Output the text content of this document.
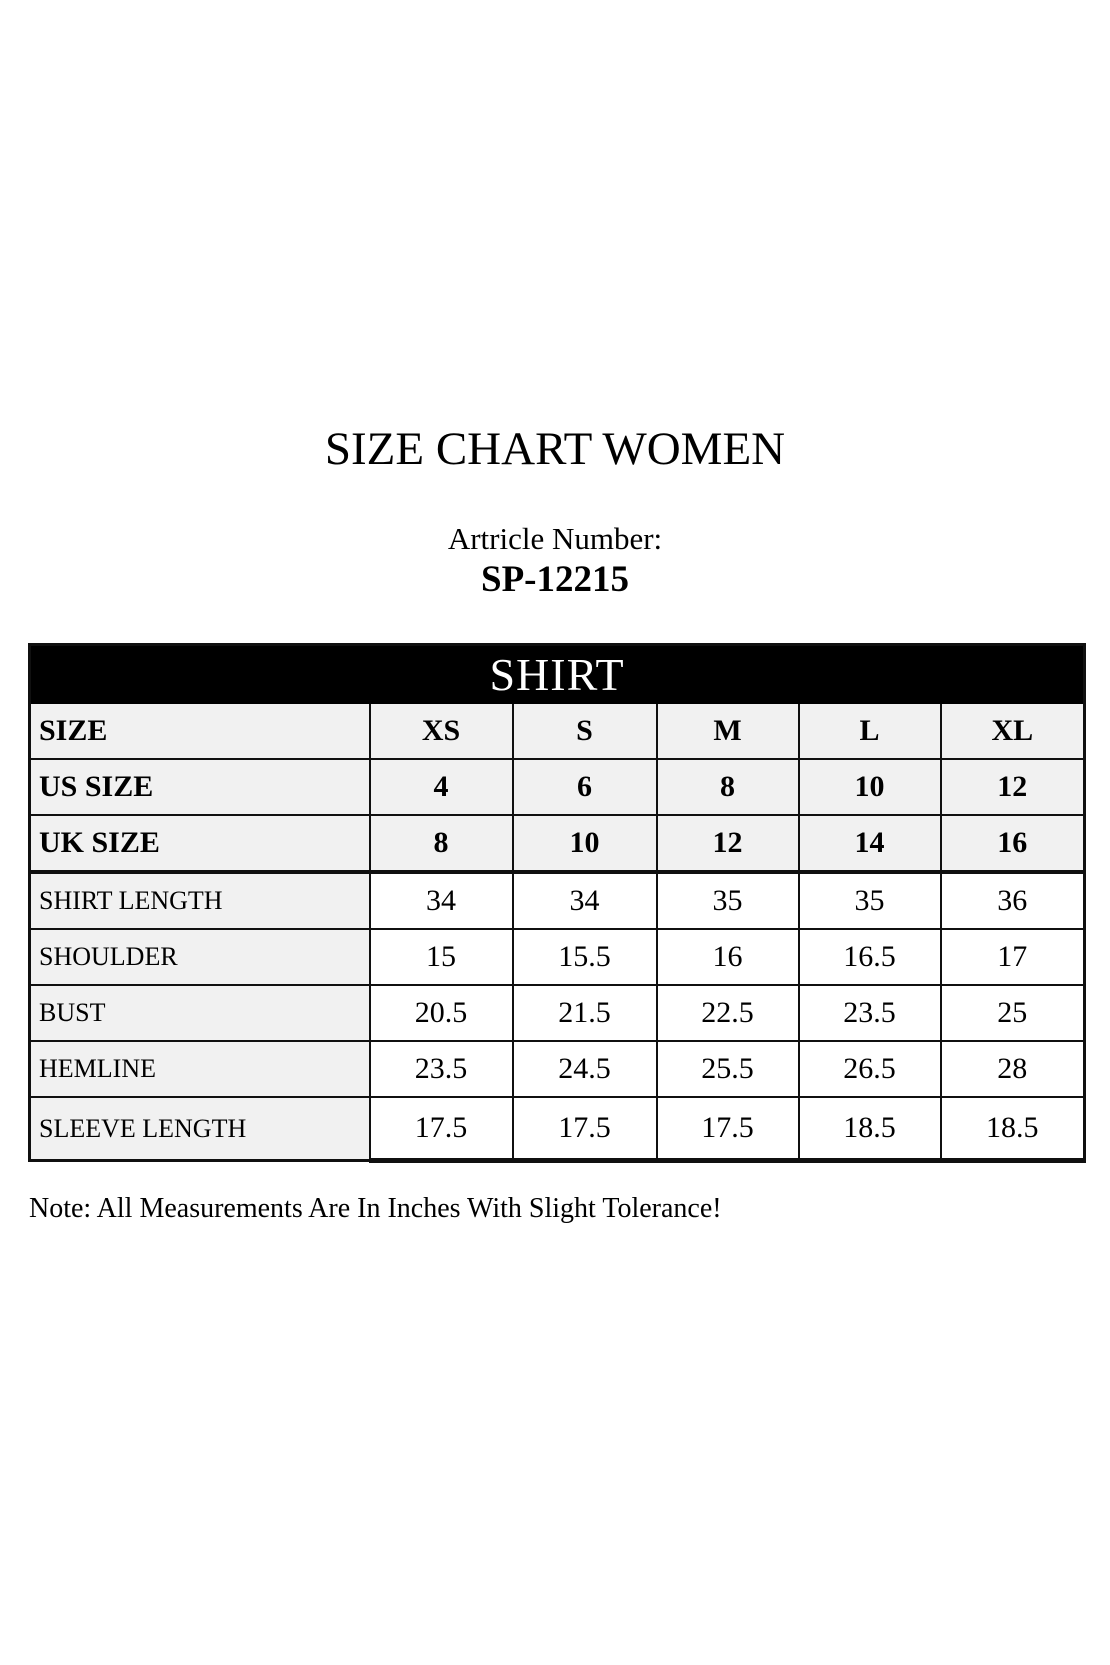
SIZE CHART WOMEN
Artricle Number:
SP-12215
SHIRT					
SIZE	XS	S	M	L	XL
US SIZE	4	6	8	10	12
UK SIZE	8	10	12	14	16
SHIRT LENGTH	34	34	35	35	36
SHOULDER	15	15.5	16	16.5	17
BUST	20.5	21.5	22.5	23.5	25
HEMLINE	23.5	24.5	25.5	26.5	28
SLEEVE LENGTH	17.5	17.5	17.5	18.5	18.5
Note: All Measurements Are In Inches With Slight Tolerance!
